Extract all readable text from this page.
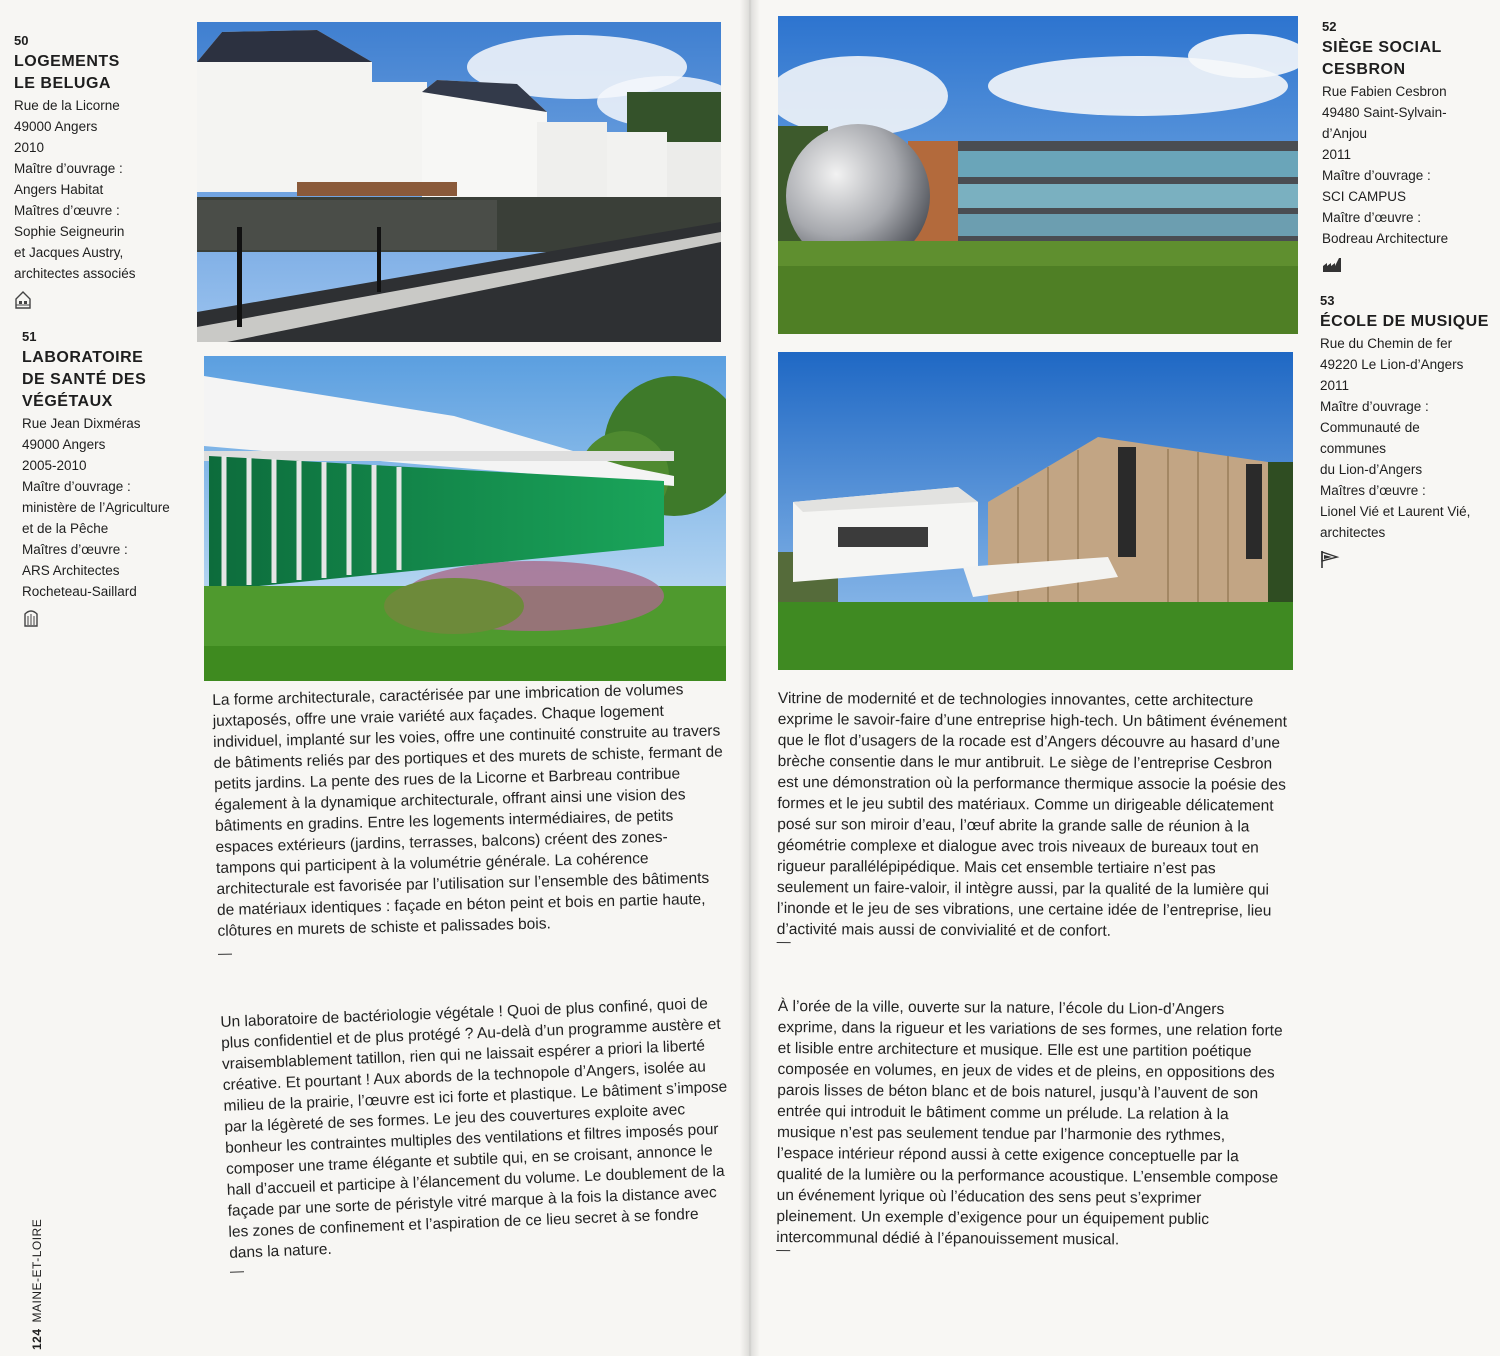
50
LOGEMENTS
LE BELUGA
Rue de la Licorne
49000 Angers
2010
Maître d’ouvrage :
Angers Habitat
Maîtres d’œuvre :
Sophie Seigneurin
et Jacques Austry,
architectes associés
51
LABORATOIRE
DE SANTÉ DES
VÉGÉTAUX
Rue Jean Dixméras
49000 Angers
2005-2010
Maître d’ouvrage :
ministère de l’Agriculture
et de la Pêche
Maîtres d’œuvre :
ARS Architectes
Rocheteau-Saillard
52
SIÈGE SOCIAL
CESBRON
Rue Fabien Cesbron
49480 Saint-Sylvain-
d’Anjou
2011
Maître d’ouvrage :
SCI CAMPUS
Maître d’œuvre :
Bodreau Architecture
53
ÉCOLE DE MUSIQUE
Rue du Chemin de fer
49220 Le Lion-d’Angers
2011
Maître d’ouvrage :
Communauté de
communes
du Lion-d’Angers
Maîtres d’œuvre :
Lionel Vié et Laurent Vié,
architectes

La forme architecturale, caractérisée par une imbrication de volumes juxtaposés, offre une vraie variété aux façades. Chaque logement individuel, implanté sur les voies, offre une continuité construite au travers de bâtiments reliés par des portiques et des murets de schiste, fermant de petits jardins. La pente des rues de la Licorne et Barbreau contribue également à la dynamique architecturale, offrant ainsi une vision des bâtiments en gradins. Entre les logements intermédiaires, de petits espaces extérieurs (jardins, terrasses, balcons) créent des zones-tampons qui participent à la volumétrie générale. La cohérence architecturale est favorisée par l’utilisation sur l’ensemble des bâtiments de matériaux identiques : façade en béton peint et bois en partie haute, clôtures en murets de schiste et palissades bois.

Un laboratoire de bactériologie végétale ! Quoi de plus confiné, quoi de plus confidentiel et de plus protégé ? Au-delà d’un programme austère et vraisemblablement tatillon, rien qui ne laissait espérer a priori la liberté créative. Et pourtant ! Aux abords de la technopole d’Angers, isolée au milieu de la prairie, l’œuvre est ici forte et plastique. Le bâtiment s’impose par la légèreté de ses formes. Le jeu des couvertures exploite avec bonheur les contraintes multiples des ventilations et filtres imposés pour composer une trame élégante et subtile qui, en se croisant, annonce le hall d’accueil et participe à l’élancement du volume. Le doublement de la façade par une sorte de péristyle vitré marque à la fois la distance avec les zones de confinement et l’aspiration de ce lieu secret à se fondre dans la nature.

Vitrine de modernité et de technologies innovantes, cette architecture exprime le savoir-faire d’une entreprise high-tech. Un bâtiment événement que le flot d’usagers de la rocade est d’Angers découvre au hasard d’une brèche consentie dans le mur antibruit. Le siège de l’entreprise Cesbron est une démonstration où la performance thermique associe la poésie des formes et le jeu subtil des matériaux. Comme un dirigeable délicatement posé sur son miroir d’eau, l’œuf abrite la grande salle de réunion à la géométrie complexe et dialogue avec trois niveaux de bureaux tout en rigueur parallélépipédique. Mais cet ensemble tertiaire n’est pas seulement un faire-valoir, il intègre aussi, par la qualité de la lumière qui l’inonde et le jeu de ses vibrations, une certaine idée de l’entreprise, lieu d’activité mais aussi de convivialité et de confort.

À l’orée de la ville, ouverte sur la nature, l’école du Lion-d’Angers exprime, dans la rigueur et les variations de ses formes, une relation forte et lisible entre architecture et musique. Elle est une partition poétique composée en volumes, en jeux de vides et de pleins, en oppositions des parois lisses de béton blanc et de bois naturel, jusqu’à l’auvent de son entrée qui introduit le bâtiment comme un prélude. La relation à la musique n’est pas seulement tendue par l’harmonie des rythmes, l’espace intérieur répond aussi à cette exigence conceptuelle par la qualité de la lumière ou la performance acoustique. L’ensemble compose un événement lyrique où l’éducation des sens peut s’exprimer pleinement. Un exemple d’exigence pour un équipement public intercommunal dédié à l’épanouissement musical.

124MAINE-ET-LOIRE
